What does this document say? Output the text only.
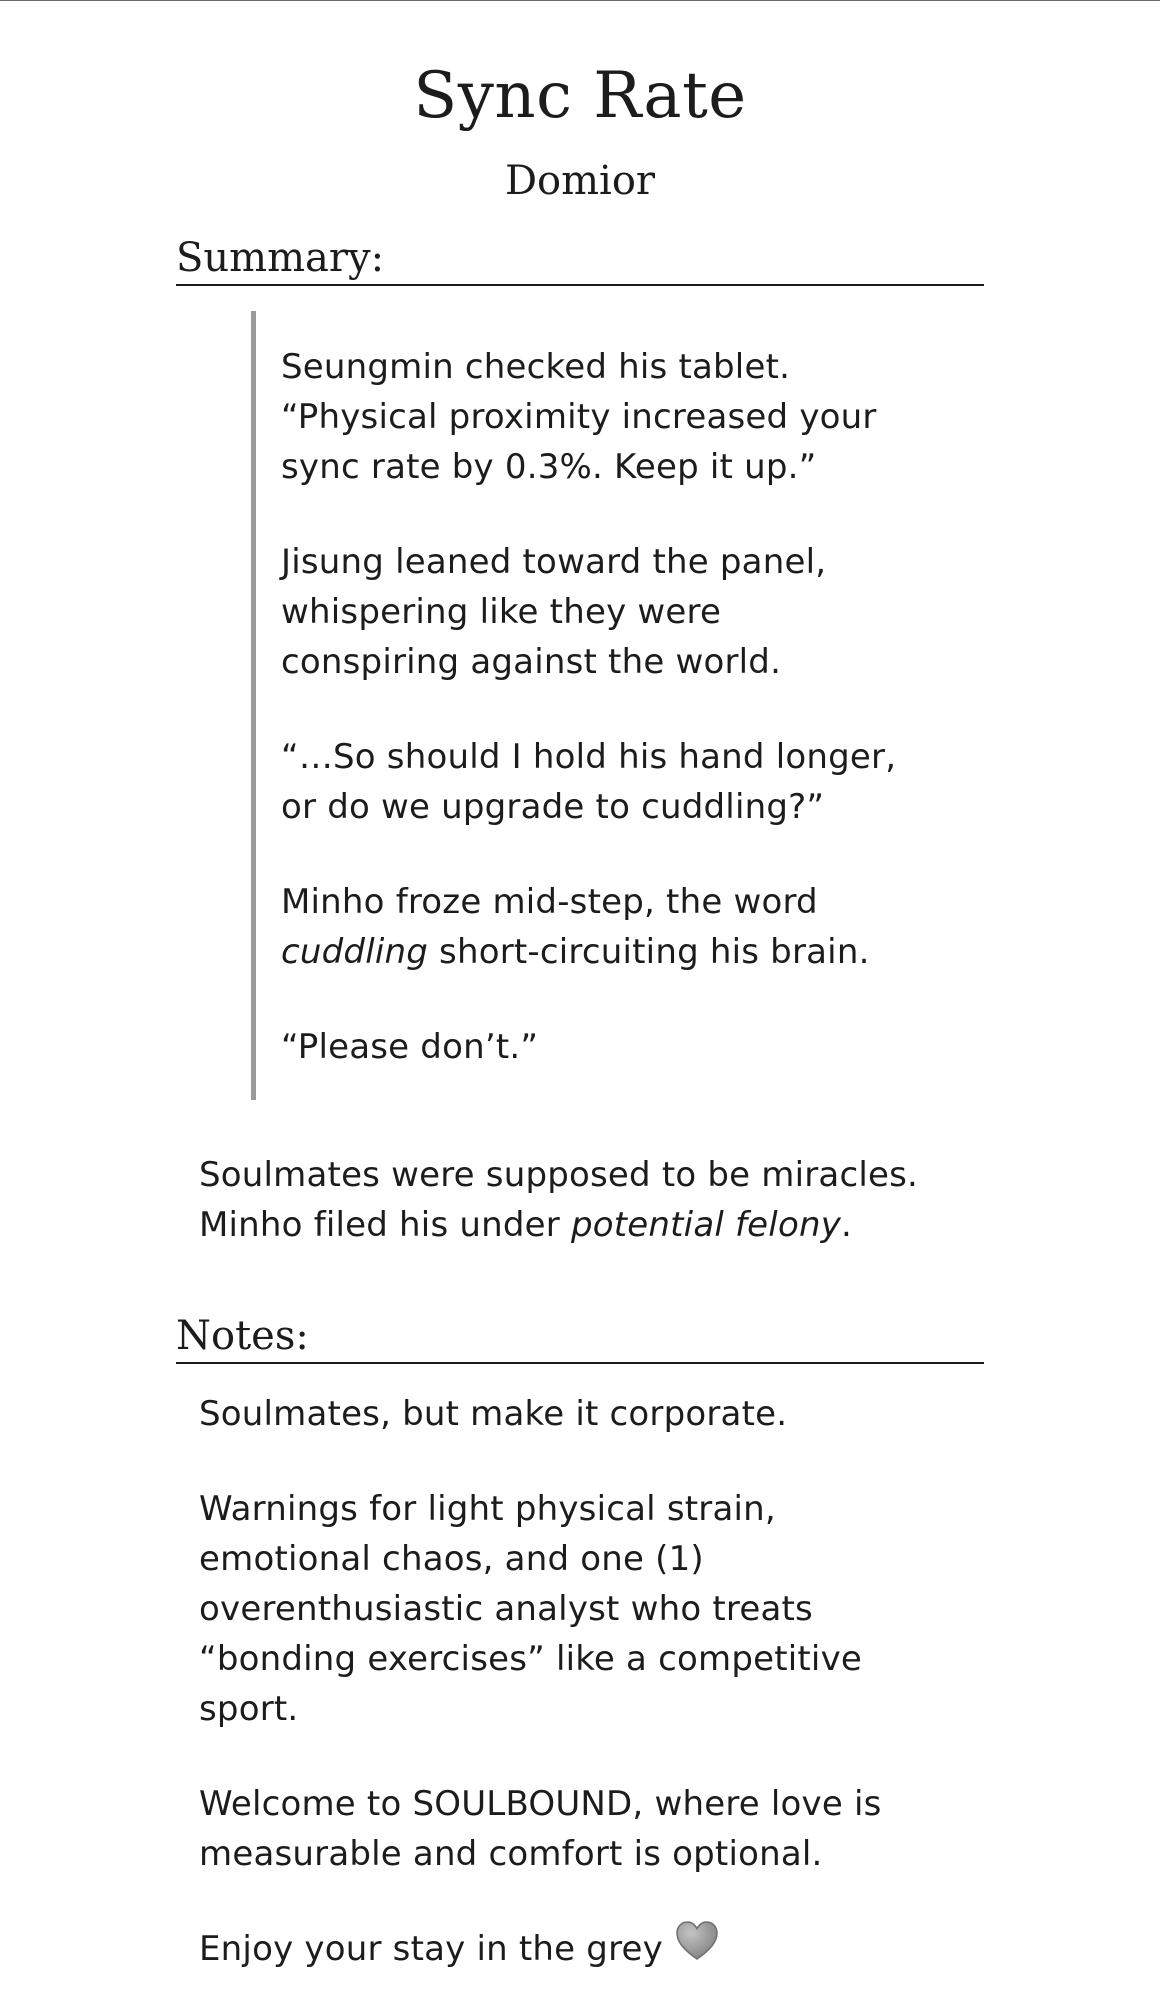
Sync Rate
Domior
Summary:

Seungmin checked his tablet.
“Physical proximity increased your
sync rate by 0.3%. Keep it up.”

Jisung leaned toward the panel,
whispering like they were
conspiring against the world.

“…So should I hold his hand longer,
or do we upgrade to cuddling?”

Minho froze mid-step, the word
cuddling short-circuiting his brain.

“Please don’t.”

Soulmates were supposed to be miracles.
Minho filed his under potential felony.

Notes:

Soulmates, but make it corporate.

Warnings for light physical strain,
emotional chaos, and one (1)
overenthusiastic analyst who treats
“bonding exercises” like a competitive
sport.

Welcome to SOULBOUND, where love is
measurable and comfort is optional.

Enjoy your stay in the grey
